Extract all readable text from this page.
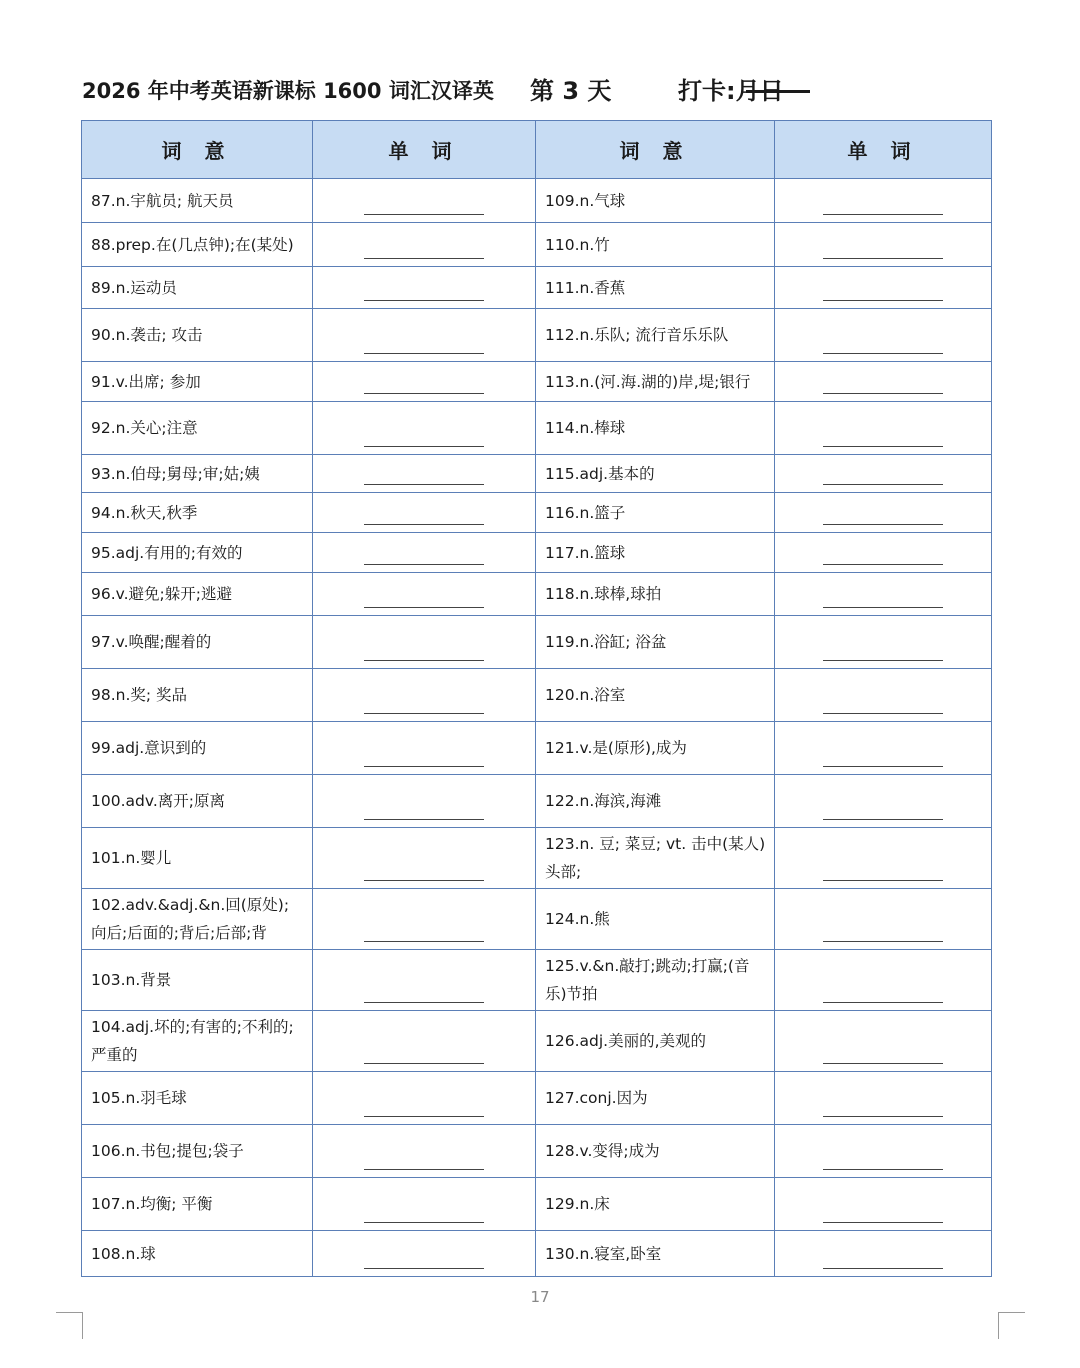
2026 年中考英语新课标 1600 词汇汉译英 第 3 天	打卡:
月
日
词 意	单 词	词 意	单 词
87.n.宇航员; 航天员		109.n.气球	

88.prep.在(几点钟);在(某处)		110.n.竹	

89.n.运动员		111.n.香蕉	

90.n.袭击; 攻击		112.n.乐队; 流行音乐乐队	

91.v.出席; 参加		113.n.(河.海.湖的)岸,堤;银行	

92.n.关心;注意		114.n.棒球	

93.n.伯母;舅母;审;姑;姨		115.adj.基本的	

94.n.秋天,秋季		116.n.篮子	

95.adj.有用的;有效的		117.n.篮球	

96.v.避免;躲开;逃避		118.n.球棒,球拍	

97.v.唤醒;醒着的		119.n.浴缸; 浴盆	

98.n.奖; 奖品		120.n.浴室	

99.adj.意识到的		121.v.是(原形),成为	

100.adv.离开;原离		122.n.海滨,海滩	

101.n.婴儿		123.n. 豆; 菜豆; vt. 击中(某人)头部;	

102.adv.&adj.&n.回(原处);向后;后面的;背后;后部;背		124.n.熊	

103.n.背景		125.v.&n.敲打;跳动;打赢;(音乐)节拍	

104.adj.坏的;有害的;不利的;严重的		126.adj.美丽的,美观的	

105.n.羽毛球		127.conj.因为	

106.n.书包;提包;袋子		128.v.变得;成为	

107.n.均衡; 平衡		129.n.床	

108.n.球		130.n.寝室,卧室	
17
